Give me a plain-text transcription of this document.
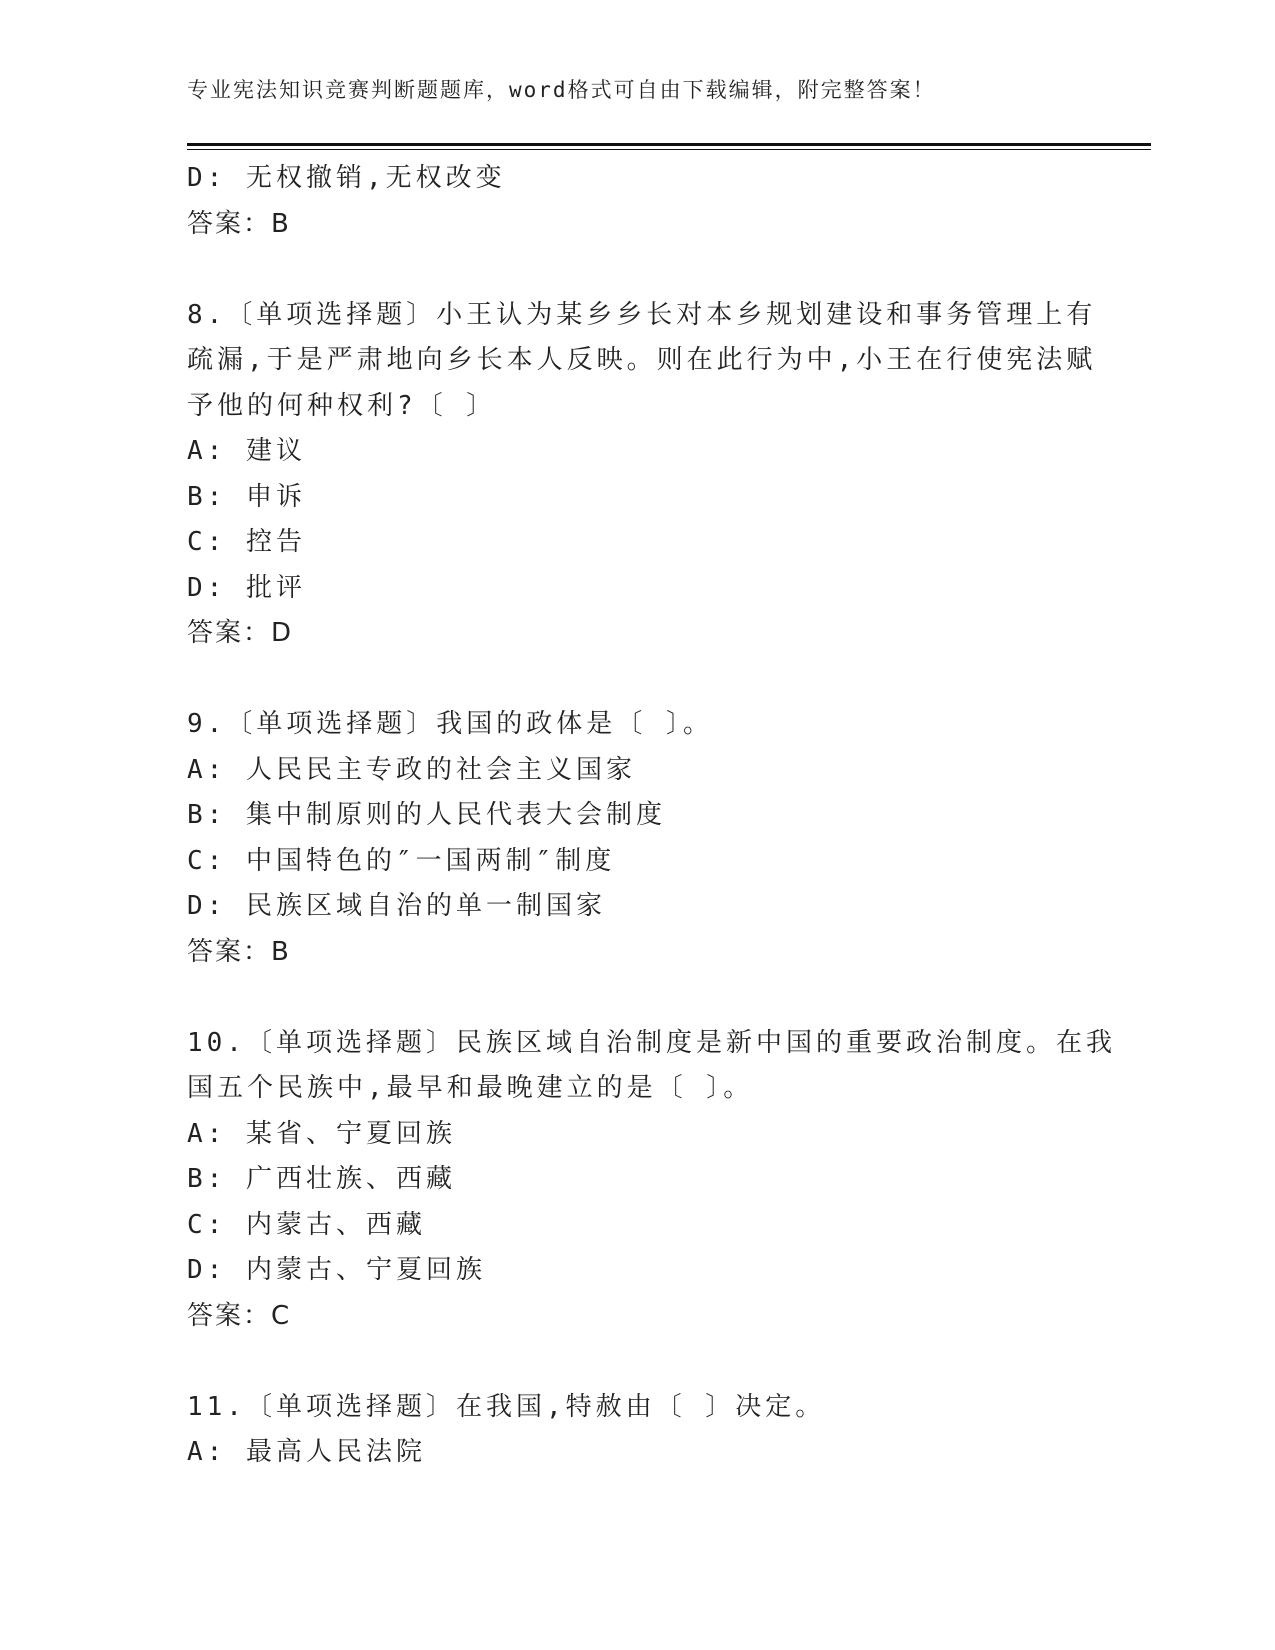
专业宪法知识竞赛判断题题库，word格式可自由下载编辑，附完整答案！
D: 无权撤销,无权改变
答案：B
8.〔单项选择题〕小王认为某乡乡长对本乡规划建设和事务管理上有
疏漏,于是严肃地向乡长本人反映。则在此行为中,小王在行使宪法赋
予他的何种权利?〔 〕
A: 建议
B: 申诉
C: 控告
D: 批评
答案：D
9.〔单项选择题〕我国的政体是〔 〕。
A: 人民民主专政的社会主义国家
B: 集中制原则的人民代表大会制度
C: 中国特色的″一国两制″制度
D: 民族区域自治的单一制国家
答案：B
10.〔单项选择题〕民族区域自治制度是新中国的重要政治制度。在我
国五个民族中,最早和最晚建立的是〔 〕。
A: 某省、宁夏回族
B: 广西壮族、西藏
C: 内蒙古、西藏
D: 内蒙古、宁夏回族
答案：C
11.〔单项选择题〕在我国,特赦由〔 〕决定。
A: 最高人民法院
